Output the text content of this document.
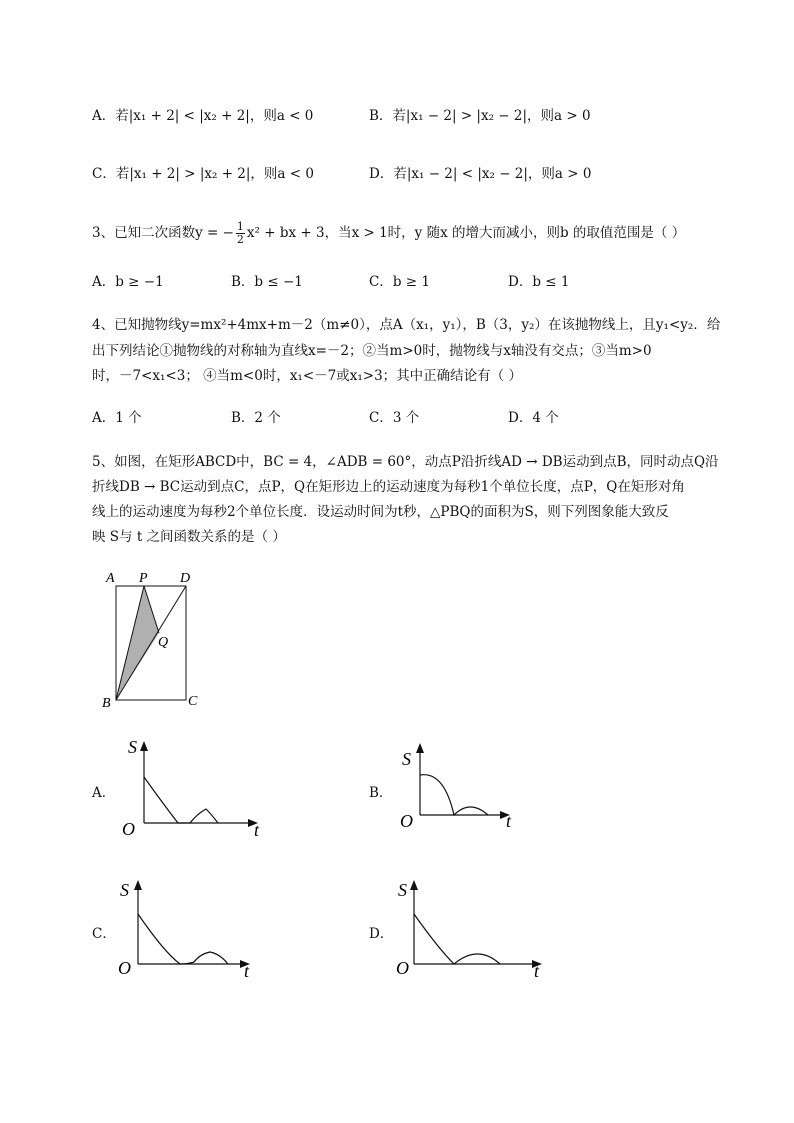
A．若|x₁ + 2| < |x₂ + 2|，则a < 0	B．若|x₁ − 2| > |x₂ − 2|，则a > 0
C．若|x₁ + 2| > |x₂ + 2|，则a < 0	D．若|x₁ − 2| < |x₂ − 2|，则a > 0
3、已知二次函数y = − $\frac{1}{2} x^2$ + bx + 3，当x > 1时，y 随x 的增大而减小，则b 的取值范围是（ ）
A．b ≥ −1	B．b ≤ −1	C．b ≥ 1	D．b ≤ 1
4、已知抛物线y=mx²+4mx+m－2（m≠0），点A（x₁，y₁），B（3，y₂）在该抛物线上，且y₁<y₂．给
出下列结论①抛物线的对称轴为直线x=－2；②当m>0时，抛物线与x轴没有交点；③当m>0
时，－7<x₁<3； ④当m<0时，x₁<－7或x₁>3；其中正确结论有（ ）
A．1 个	B．2 个	C．3 个	D．4 个
5、如图，在矩形ABCD中，BC = 4，∠ADB = 60°，动点P沿折线AD → DB运动到点B，同时动点Q沿
折线DB → BC运动到点C，点P，Q在矩形边上的运动速度为每秒1个单位长度，点P，Q在矩形对角
线上的运动速度为每秒2个单位长度．设运动时间为t秒，△PBQ的面积为S，则下列图象能大致反
映 S与 t 之间函数关系的是（ ）
A P D
Q
B	C
A．
S
t
O
B．
S
t
O
C．
S
t
O
D．
S
t
O
